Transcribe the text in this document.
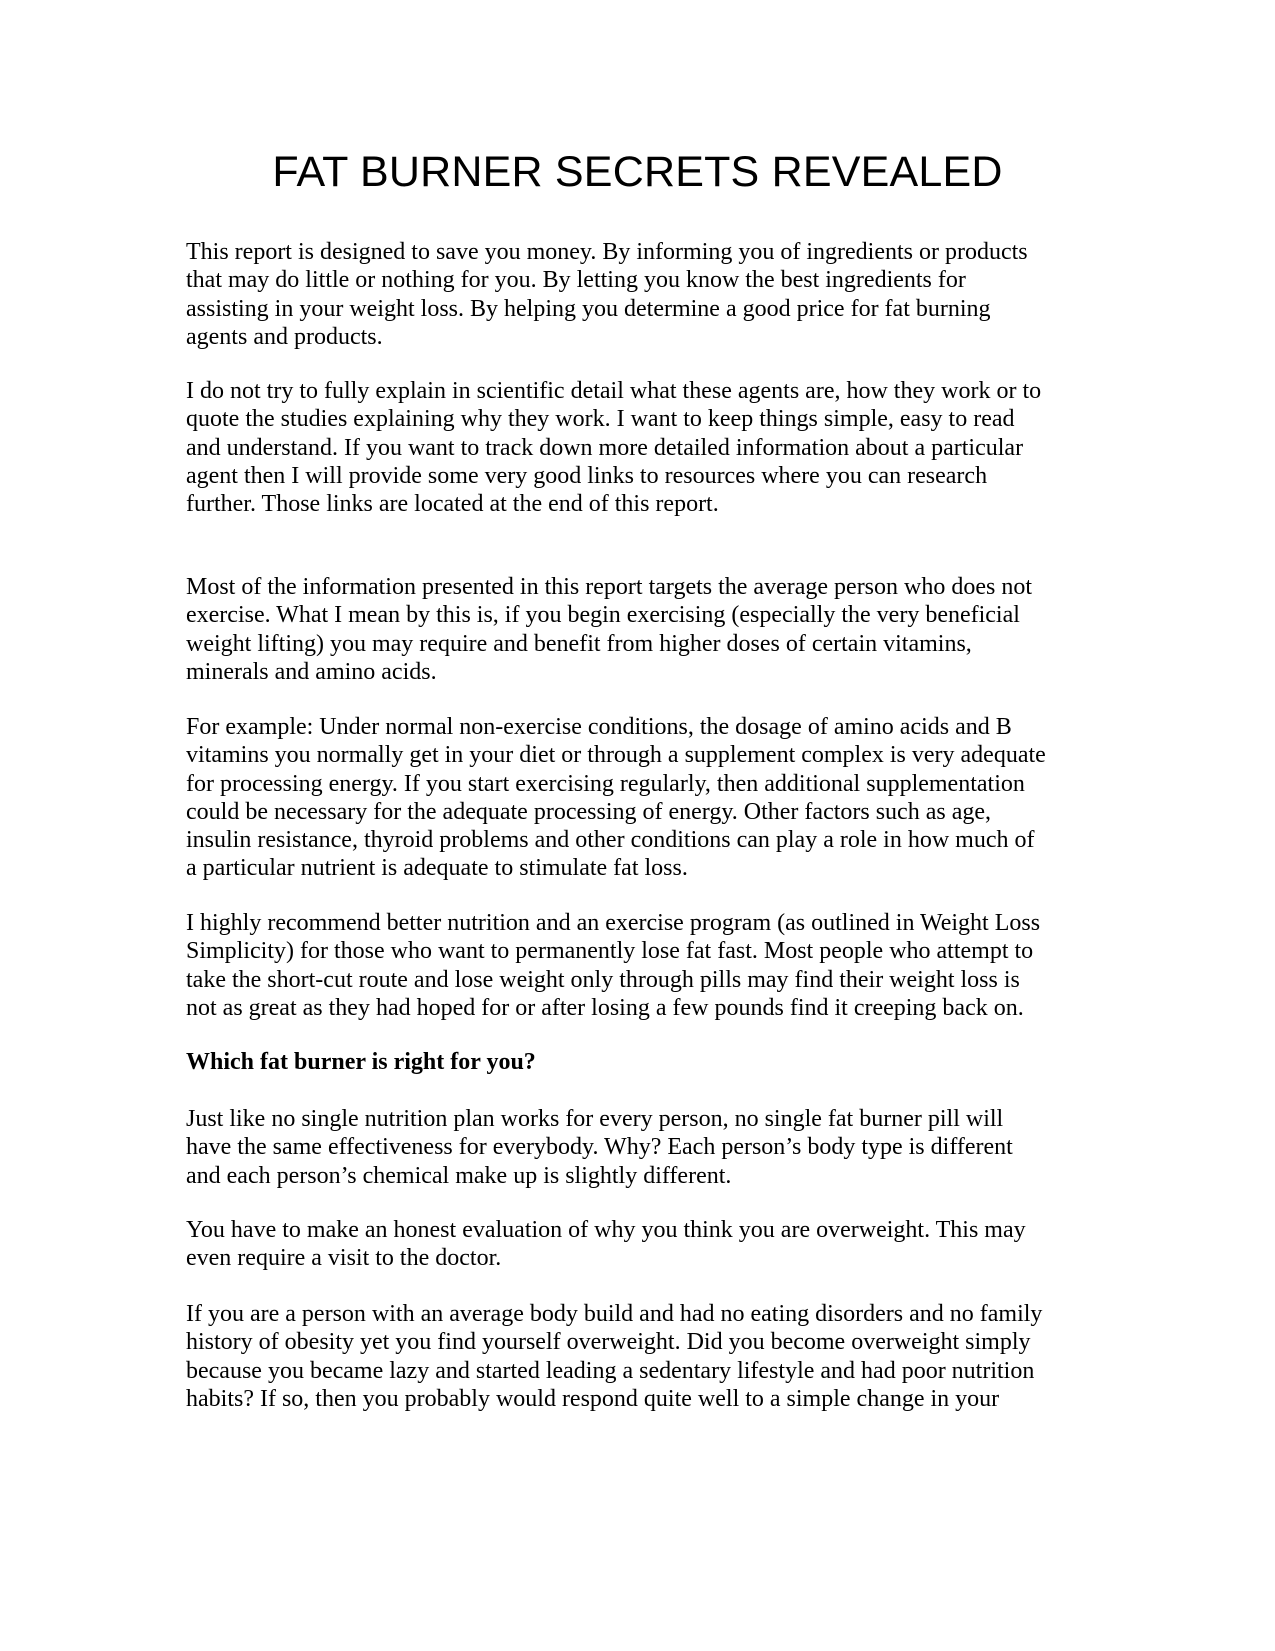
FAT BURNER SECRETS REVEALED

This report is designed to save you money. By informing you of ingredients or products
that may do little or nothing for you. By letting you know the best ingredients for
assisting in your weight loss. By helping you determine a good price for fat burning
agents and products.

I do not try to fully explain in scientific detail what these agents are, how they work or to
quote the studies explaining why they work. I want to keep things simple, easy to read
and understand. If you want to track down more detailed information about a particular
agent then I will provide some very good links to resources where you can research
further. Those links are located at the end of this report.

Most of the information presented in this report targets the average person who does not
exercise. What I mean by this is, if you begin exercising (especially the very beneficial
weight lifting) you may require and benefit from higher doses of certain vitamins,
minerals and amino acids.

For example: Under normal non-exercise conditions, the dosage of amino acids and B
vitamins you normally get in your diet or through a supplement complex is very adequate
for processing energy. If you start exercising regularly, then additional supplementation
could be necessary for the adequate processing of energy. Other factors such as age,
insulin resistance, thyroid problems and other conditions can play a role in how much of
a particular nutrient is adequate to stimulate fat loss.

I highly recommend better nutrition and an exercise program (as outlined in Weight Loss
Simplicity) for those who want to permanently lose fat fast. Most people who attempt to
take the short-cut route and lose weight only through pills may find their weight loss is
not as great as they had hoped for or after losing a few pounds find it creeping back on.

Which fat burner is right for you?

Just like no single nutrition plan works for every person, no single fat burner pill will
have the same effectiveness for everybody. Why? Each person’s body type is different
and each person’s chemical make up is slightly different.

You have to make an honest evaluation of why you think you are overweight. This may
even require a visit to the doctor.

If you are a person with an average body build and had no eating disorders and no family
history of obesity yet you find yourself overweight. Did you become overweight simply
because you became lazy and started leading a sedentary lifestyle and had poor nutrition
habits? If so, then you probably would respond quite well to a simple change in your
